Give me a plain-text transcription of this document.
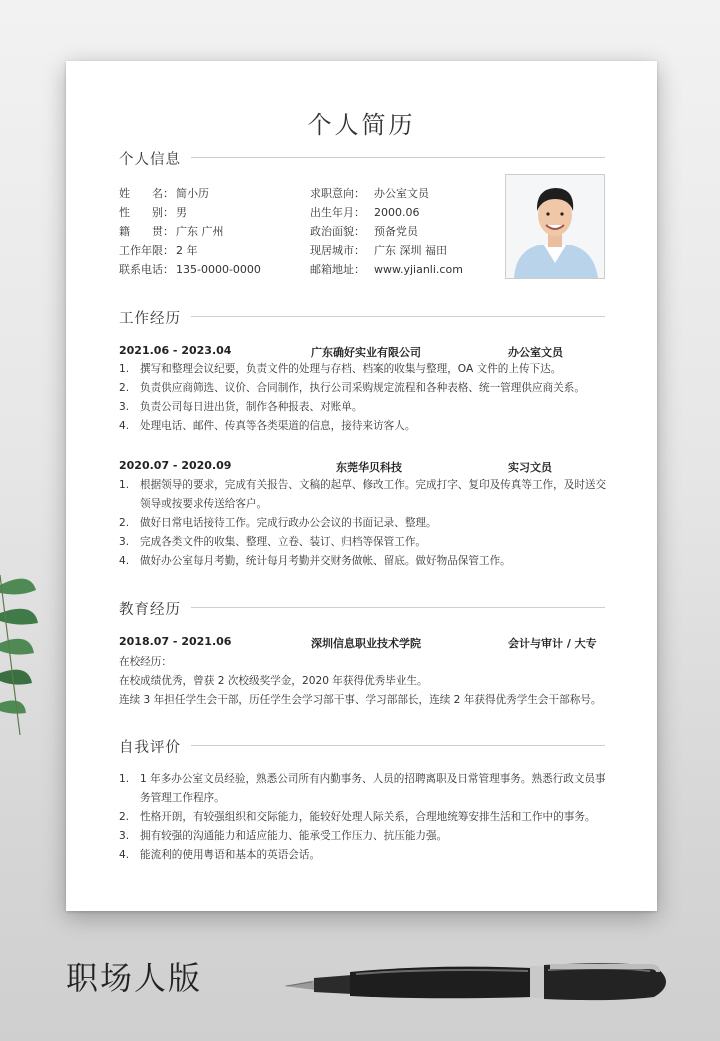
个人简历
个人信息
姓　　名： 简小历
性　　别： 男
籍　　贯： 广东 广州
工作年限： 2 年
联系电话： 135-0000-0000
求职意向： 办公室文员
出生年月： 2000.06
政治面貌： 预备党员
现居城市： 广东 深圳 福田
邮箱地址： www.yjianli.com
工作经历
2021.06 - 2023.04	广东确好实业有限公司	办公室文员
1. 撰写和整理会议纪要，负责文件的处理与存档、档案的收集与整理，OA 文件的上传下达。
2. 负责供应商筛选、议价、合同制作，执行公司采购规定流程和各种表格、统一管理供应商关系。
3. 负责公司每日进出货，制作各种报表、对账单。
4. 处理电话、邮件、传真等各类渠道的信息，接待来访客人。
2020.07 - 2020.09	东莞华贝科技	实习文员
1. 根据领导的要求，完成有关报告、文稿的起草、修改工作。完成打字、复印及传真等工作，及时送交领导或按要求传送给客户。
2. 做好日常电话接待工作。完成行政办公会议的书面记录、整理。
3. 完成各类文件的收集、整理、立卷、装订、归档等保管工作。
4. 做好办公室每月考勤，统计每月考勤并交财务做帐、留底。做好物品保管工作。
教育经历
2018.07 - 2021.06	深圳信息职业技术学院	会计与审计 / 大专
在校经历：
在校成绩优秀，曾获 2 次校级奖学金，2020 年获得优秀毕业生。
连续 3 年担任学生会干部，历任学生会学习部干事、学习部部长，连续 2 年获得优秀学生会干部称号。
自我评价
1. 1 年多办公室文员经验，熟悉公司所有内勤事务、人员的招聘离职及日常管理事务。熟悉行政文员事务管理工作程序。
2. 性格开朗，有较强组织和交际能力，能较好处理人际关系，合理地统筹安排生活和工作中的事务。
3. 拥有较强的沟通能力和适应能力、能承受工作压力、抗压能力强。
4. 能流利的使用粤语和基本的英语会话。
职场人版
